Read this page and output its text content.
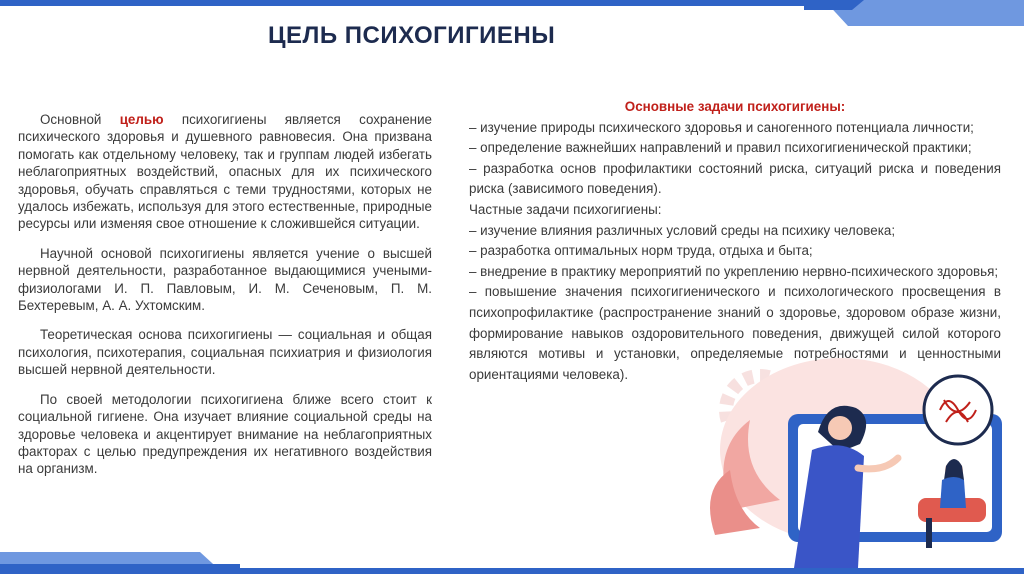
ЦЕЛЬ ПСИХОГИГИЕНЫ

Основной целью психогигиены является сохранение психического здоровья и душевного равновесия. Она призвана помогать как отдельному человеку, так и группам людей избегать неблагоприятных воздействий, опасных для их психического здоровья, обучать справляться с теми трудностями, которых не удалось избежать, используя для этого естественные, природные ресурсы или изменяя свое отношение к сложившейся ситуации.

Научной основой психогигиены является учение о высшей нервной деятельности, разработанное выдающимися учеными-физиологами И. П. Павловым, И. М. Сеченовым, П. М. Бехтеревым, А. А. Ухтомским.

Теоретическая основа психогигиены — социальная и общая психология, психотерапия, социальная психиатрия и физиология высшей нервной деятельности.

По своей методологии психогигиена ближе всего стоит к социальной гигиене. Она изучает влияние социальной среды на здоровье человека и акцентирует внимание на неблагоприятных факторах с целью предупреждения их негативного воздействия на организм.

Основные задачи психогигиены:

– изучение природы психического здоровья и саногенного потенциала личности;

– определение важнейших направлений и правил психогигиенической практики;

– разработка основ профилактики состояний риска, ситуаций риска и поведения риска (зависимого поведения).

Частные задачи психогигиены:

– изучение влияния различных условий среды на психику человека;

– разработка оптимальных норм труда, отдыха и быта;

– внедрение в практику мероприятий по укреплению нервно-психического здоровья;

– повышение значения психогигиенического и психологического просвещения в психопрофилактике (распространение знаний о здоровье, здоровом образе жизни, формирование навыков оздоровительного поведения, движущей силой которого являются мотивы и установки, определяемые потребностями и ценностными ориентациями человека).
